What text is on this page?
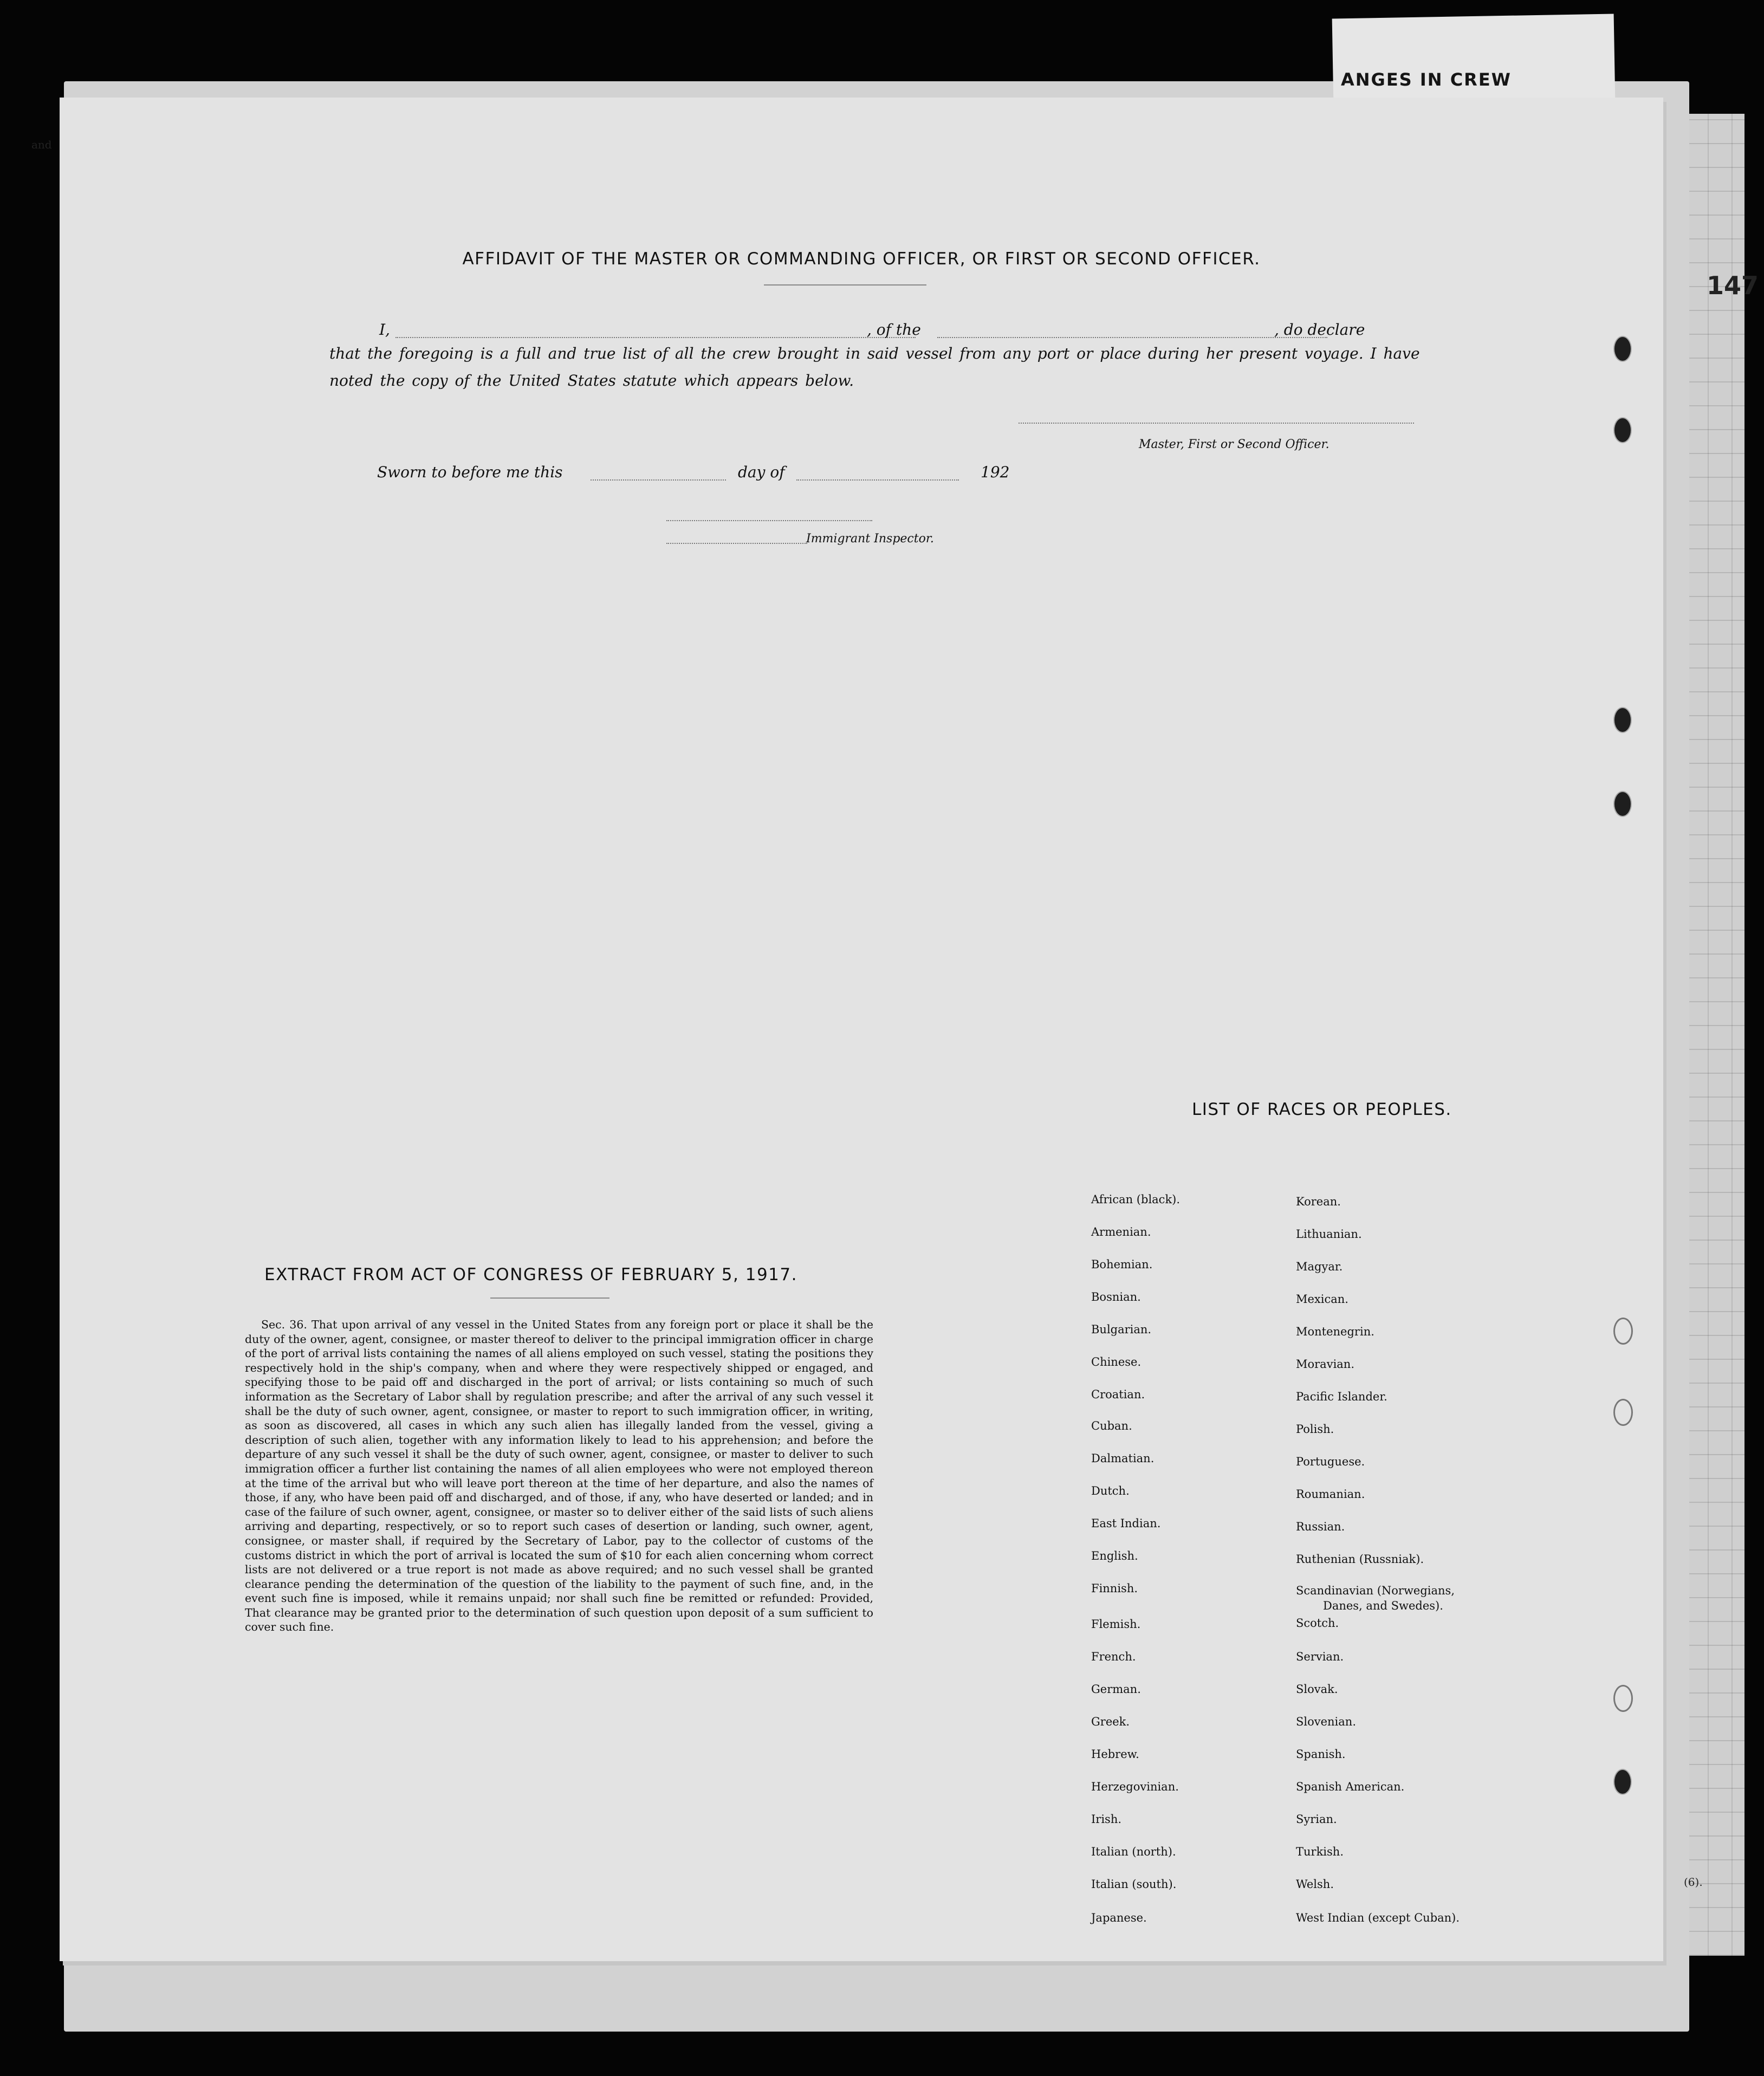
ANGES IN CREW
and
147
AFFIDAVIT OF THE MASTER OR COMMANDING OFFICER, OR FIRST OR SECOND OFFICER.
I,	, of the	, do declare
that the foregoing is a full and true list of all the crew brought in said vessel from any port or place during her present voyage. I have noted the copy of the United States statute which appears below.
Master, First or Second Officer.
Sworn to before me this	day of	192
Immigrant Inspector.
LIST OF RACES OR PEOPLES.
African (black).
Armenian.
Bohemian.
Bosnian.
Bulgarian.
Chinese.
Croatian.
Cuban.
Dalmatian.
Dutch.
East Indian.
English.
Finnish.
Flemish.
French.
German.
Greek.
Hebrew.
Herzegovinian.
Irish.
Italian (north).
Italian (south).
Japanese.
Korean.
Lithuanian.
Magyar.
Mexican.
Montenegrin.
Moravian.
Pacific Islander.
Polish.
Portuguese.
Roumanian.
Russian.
Ruthenian (Russniak).
Scandinavian (Norwegians,
Danes, and Swedes).
Scotch.
Servian.
Slovak.
Slovenian.
Spanish.
Spanish American.
Syrian.
Turkish.
Welsh.
West Indian (except Cuban).
EXTRACT FROM ACT OF CONGRESS OF FEBRUARY 5, 1917.
Sec. 36. That upon arrival of any vessel in the United States from any foreign port or place it shall be the duty of the owner, agent, consignee, or master thereof to deliver to the principal immigration officer in charge of the port of arrival lists containing the names of all aliens employed on such vessel, stating the positions they respectively hold in the ship's company, when and where they were respectively shipped or engaged, and specifying those to be paid off and discharged in the port of arrival; or lists containing so much of such information as the Secretary of Labor shall by regulation prescribe; and after the arrival of any such vessel it shall be the duty of such owner, agent, consignee, or master to report to such immigration officer, in writing, as soon as discovered, all cases in which any such alien has illegally landed from the vessel, giving a description of such alien, together with any information likely to lead to his apprehension; and before the departure of any such vessel it shall be the duty of such owner, agent, consignee, or master to deliver to such immigration officer a further list containing the names of all alien employees who were not employed thereon at the time of the arrival but who will leave port thereon at the time of her departure, and also the names of those, if any, who have been paid off and discharged, and of those, if any, who have deserted or landed; and in case of the failure of such owner, agent, consignee, or master so to deliver either of the said lists of such aliens arriving and departing, respectively, or so to report such cases of desertion or landing, such owner, agent, consignee, or master shall, if required by the Secretary of Labor, pay to the collector of customs of the customs district in which the port of arrival is located the sum of $10 for each alien concerning whom correct lists are not delivered or a true report is not made as above required; and no such vessel shall be granted clearance pending the determination of the question of the liability to the payment of such fine, and, in the event such fine is imposed, while it remains unpaid; nor shall such fine be remitted or refunded: Provided, That clearance may be granted prior to the determination of such question upon deposit of a sum sufficient to cover such fine.
(6).
